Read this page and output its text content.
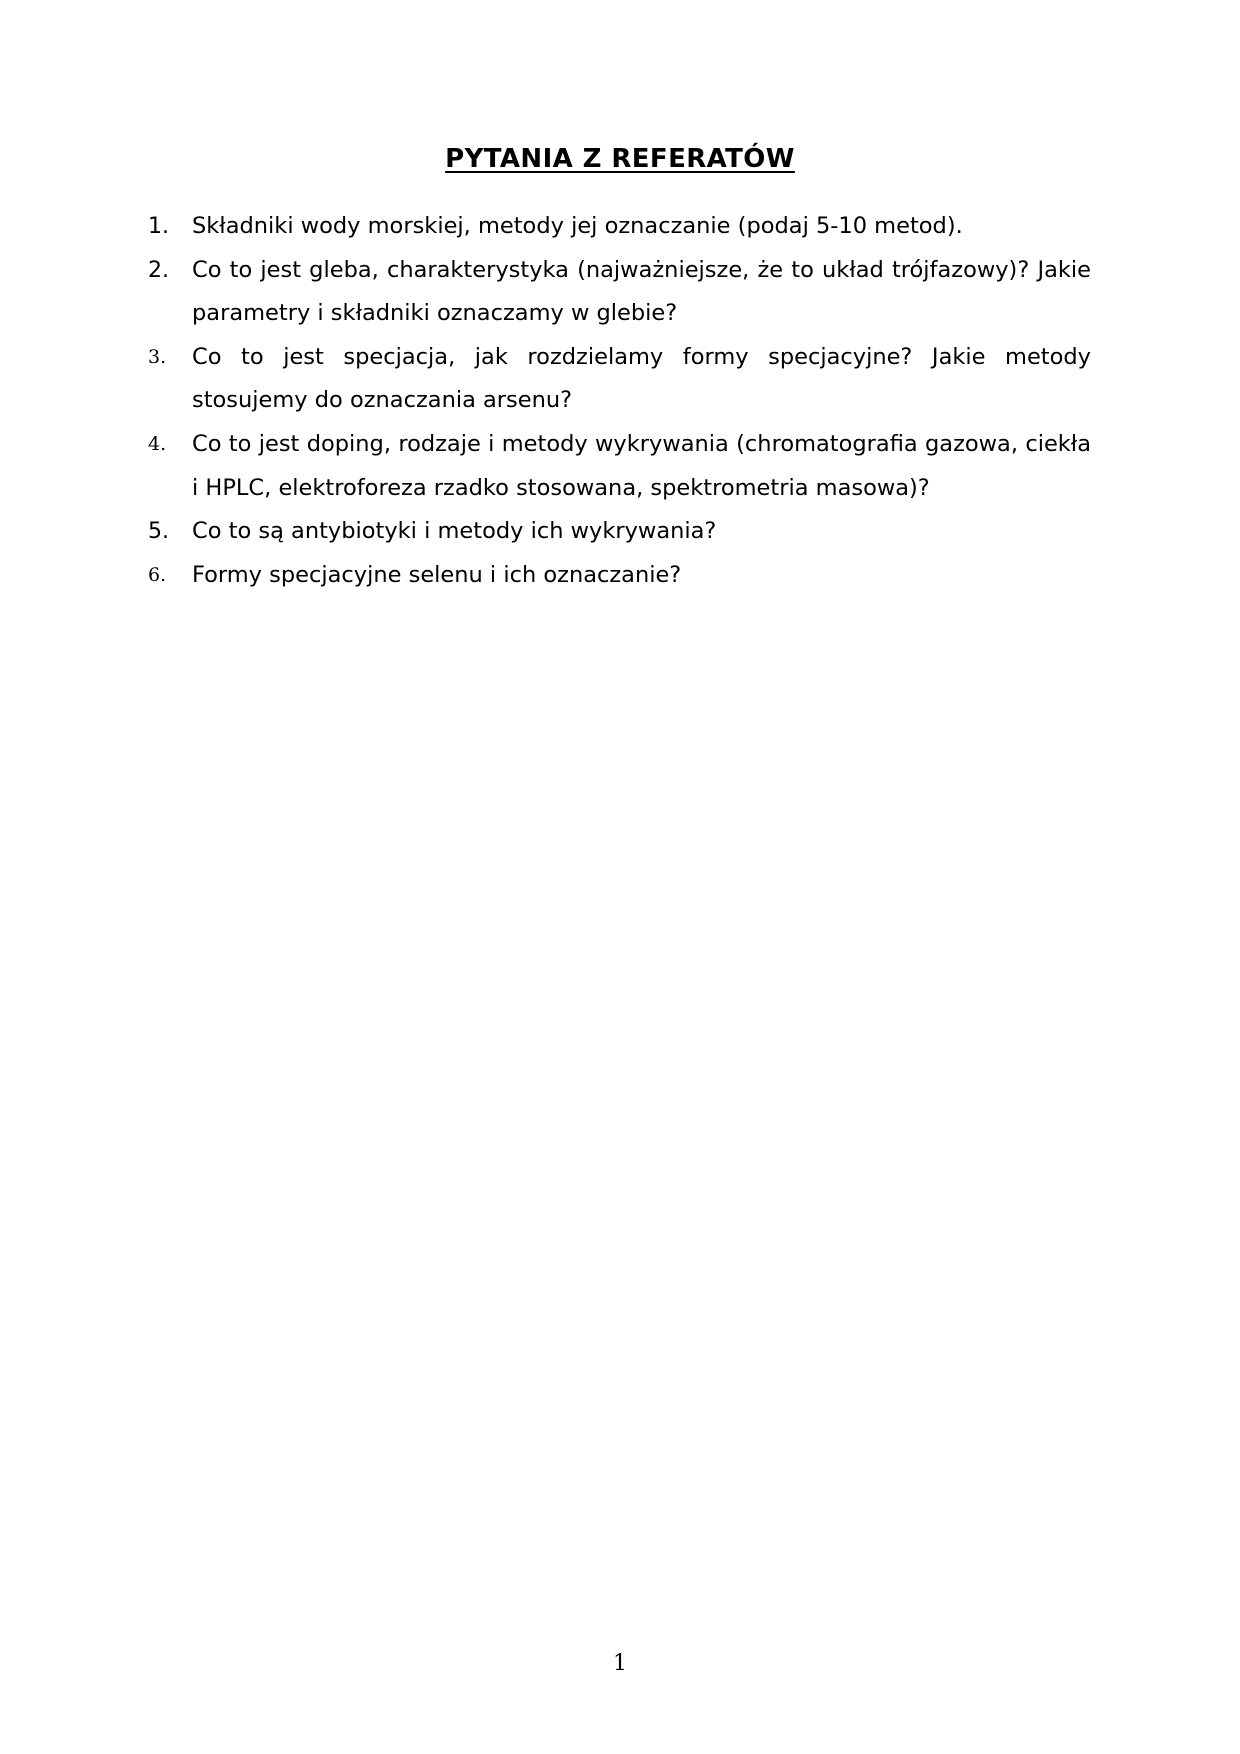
PYTANIA Z REFERATÓW
1. Składniki wody morskiej, metody jej oznaczanie (podaj 5-10 metod).
2. Co to jest gleba, charakterystyka (najważniejsze, że to układ trójfazowy)? Jakie parametry i składniki oznaczamy w glebie?
3. Co to jest specjacja, jak rozdzielamy formy specjacyjne? Jakie metody stosujemy do oznaczania arsenu?
4. Co to jest doping, rodzaje i metody wykrywania (chromatografia gazowa, ciekła i HPLC, elektroforeza rzadko stosowana, spektrometria masowa)?
5. Co to są antybiotyki i metody ich wykrywania?
6. Formy specjacyjne selenu i ich oznaczanie?
1
